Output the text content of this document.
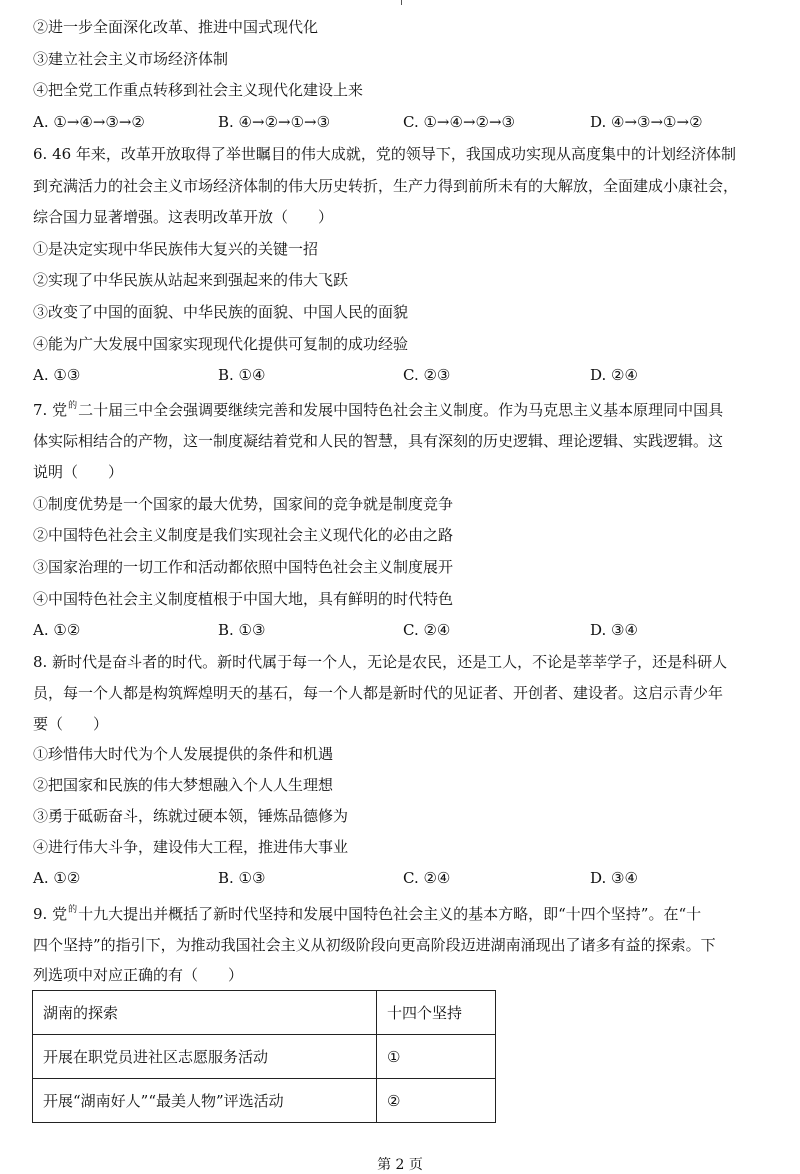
②进一步全面深化改革、推进中国式现代化
③建立社会主义市场经济体制
④把全党工作重点转移到社会主义现代化建设上来
A. ①→④→③→②	B. ④→②→①→③	C. ①→④→②→③	D. ④→③→①→②
6. 46 年来，改革开放取得了举世瞩目的伟大成就，党的领导下，我国成功实现从高度集中的计划经济体制
到充满活力的社会主义市场经济体制的伟大历史转折，生产力得到前所未有的大解放，全面建成小康社会，
综合国力显著增强。这表明改革开放（　　）
①是决定实现中华民族伟大复兴的关键一招
②实现了中华民族从站起来到强起来的伟大飞跃
③改变了中国的面貌、中华民族的面貌、中国人民的面貌
④能为广大发展中国家实现现代化提供可复制的成功经验
A. ①③	B. ①④	C. ②③	D. ②④
7. 党$^的$二十届三中全会强调要继续完善和发展中国特色社会主义制度。作为马克思主义基本原理同中国具
体实际相结合的产物，这一制度凝结着党和人民的智慧，具有深刻的历史逻辑、理论逻辑、实践逻辑。这
说明（　　）
①制度优势是一个国家的最大优势，国家间的竞争就是制度竞争
②中国特色社会主义制度是我们实现社会主义现代化的必由之路
③国家治理的一切工作和活动都依照中国特色社会主义制度展开
④中国特色社会主义制度植根于中国大地，具有鲜明的时代特色
A. ①②	B. ①③	C. ②④	D. ③④
8. 新时代是奋斗者的时代。新时代属于每一个人，无论是农民，还是工人，不论是莘莘学子，还是科研人
员，每一个人都是构筑辉煌明天的基石，每一个人都是新时代的见证者、开创者、建设者。这启示青少年
要（　　）
①珍惜伟大时代为个人发展提供的条件和机遇
②把国家和民族的伟大梦想融入个人人生理想
③勇于砥砺奋斗，练就过硬本领，锤炼品德修为
④进行伟大斗争，建设伟大工程，推进伟大事业
A. ①②	B. ①③	C. ②④	D. ③④
9. 党$^的$十九大提出并概括了新时代坚持和发展中国特色社会主义的基本方略，即“十四个坚持”。在“十
四个坚持”的指引下，为推动我国社会主义从初级阶段向更高阶段迈进湖南涌现出了诸多有益的探索。下
列选项中对应正确的有（　　）
湖南的探索	十四个坚持
开展在职党员进社区志愿服务活动	①
开展“湖南好人”“最美人物”评选活动	②
第 2 页
